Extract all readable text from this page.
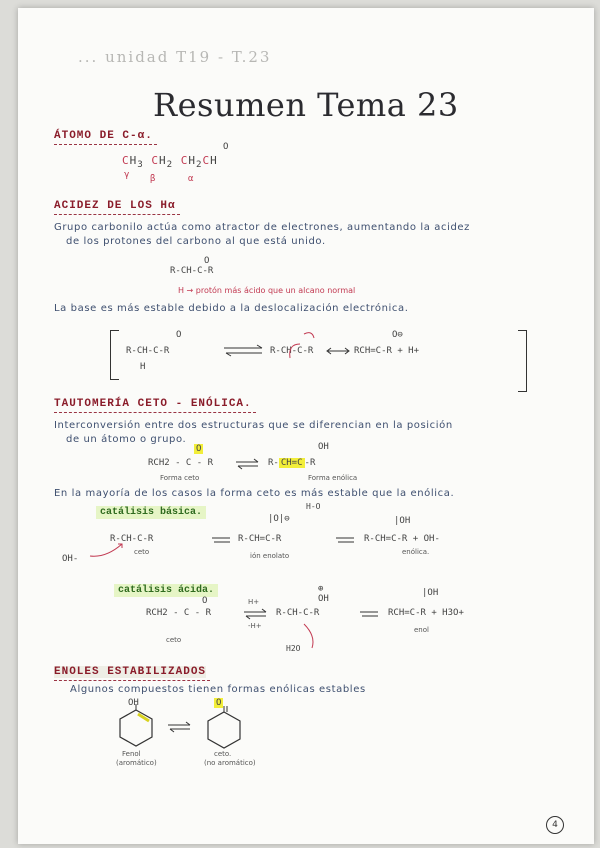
... unidad T19 - T.23
Resumen Tema 23
ÁTOMO DE C-α.
$CH_3$ $CH_2$ $CH_2CH$
O
γ β	α
ACIDEZ DE LOS Hα
Grupo carbonilo actúa como atractor de electrones, aumentando la acidez
de los protones del carbono al que está unido.
R-CH-C-R
O
H → protón más ácido que un alcano normal
La base es más estable debido a la deslocalización electrónica.
R-CH-C-R
H
O
⇌ R-CH-C-R	RCH=C-R + H+
O⊖
TAUTOMERÍA CETO - ENÓLICA.
Interconversión entre dos estructuras que se diferencian en la posición
de un átomo o grupo.
RCH2 - C - R
O
R- CH=C -R
OH
Forma ceto	Forma enólica
En la mayoría de los casos la forma ceto es más estable que la enólica.
catálisis básica.
R-CH-C-R
ceto
OH-
R-CH=C-R
|O|⊖
ión enolato
R-CH=C-R + OH-
|OH
enólica.
H-O
catálisis ácida.
RCH2 - C - R
O
ceto
H+
-H+
R-CH-C-R
⊕
OH
H2O
RCH=C-R + H3O+
|OH
enol
ENOLES ESTABILIZADOS
Algunos compuestos tienen formas enólicas estables
OH
Fenol
(aromático)
O
ceto.
(no aromático)
4
